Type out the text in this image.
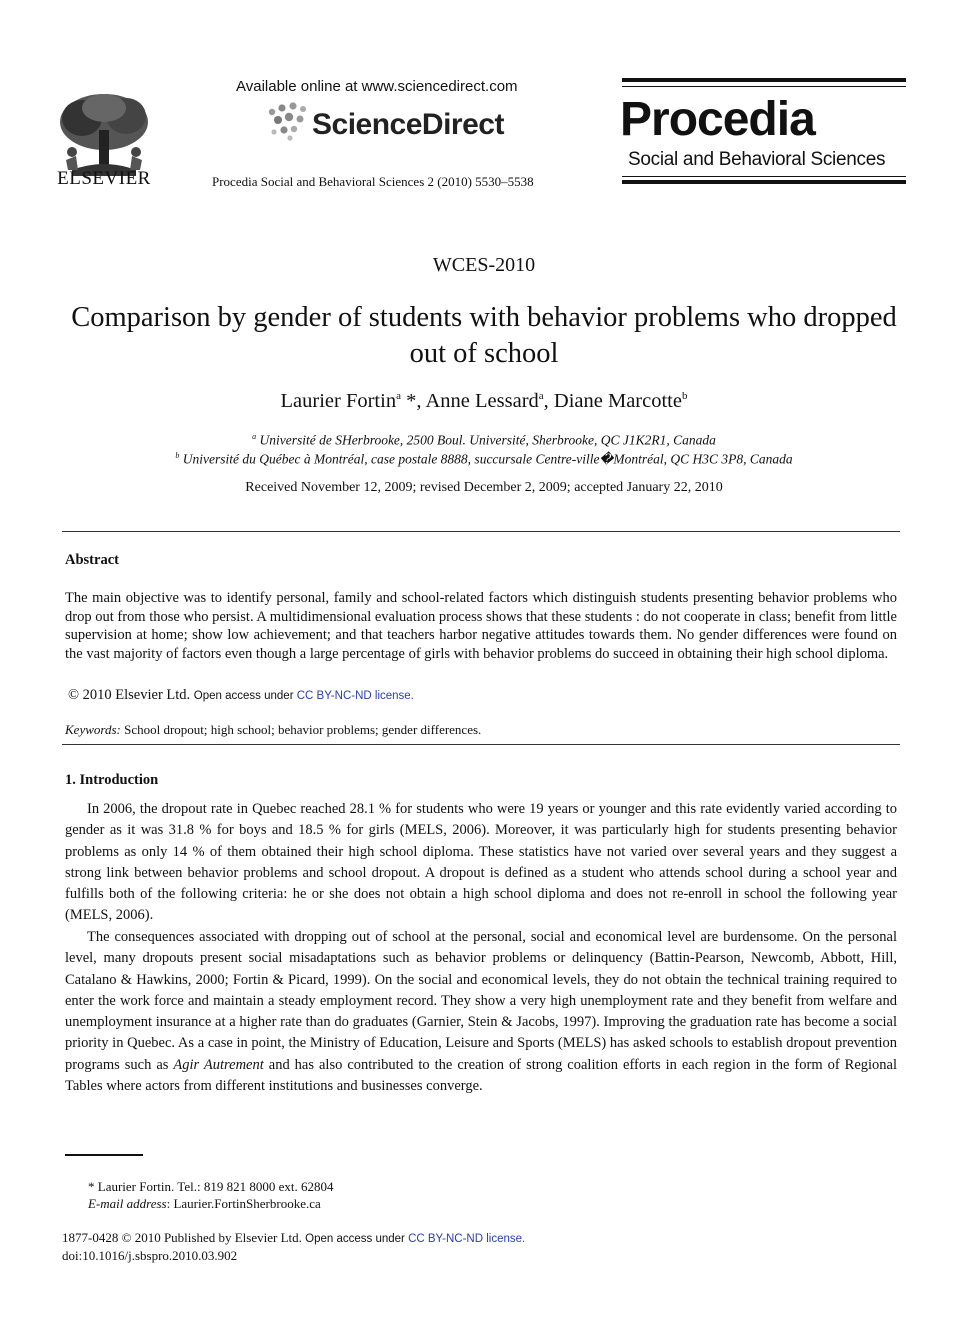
ELSEVIER
Available online at www.sciencedirect.com
ScienceDirect
Procedia Social and Behavioral Sciences 2 (2010) 5530–5538
Procedia
Social and Behavioral Sciences
WCES-2010
Comparison by gender of students with behavior problems who dropped out of school
Laurier Fortin$^a$ *, Anne Lessard$^a$, Diane Marcotte$^b$
$^a$ Université de SHerbrooke, 2500 Boul. Université, Sherbrooke, QC J1K2R1, Canada
$^b$ Université du Québec à Montréal, case postale 8888, succursale Centre-ville�Montréal, QC H3C 3P8, Canada
Received November 12, 2009; revised December 2, 2009; accepted January 22, 2010
Abstract
The main objective was to identify personal, family and school-related factors which distinguish students presenting behavior problems who drop out from those who persist. A multidimensional evaluation process shows that these students : do not cooperate in class; benefit from little supervision at home; show low achievement; and that teachers harbor negative attitudes towards them. No gender differences were found on the vast majority of factors even though a large percentage of girls with behavior problems do succeed in obtaining their high school diploma.
© 2010 Elsevier Ltd. Open access under CC BY-NC-ND license.
Keywords: School dropout; high school; behavior problems; gender differences.
1. Introduction
In 2006, the dropout rate in Quebec reached 28.1 % for students who were 19 years or younger and this rate evidently varied according to gender as it was 31.8 % for boys and 18.5 % for girls (MELS, 2006). Moreover, it was particularly high for students presenting behavior problems as only 14 % of them obtained their high school diploma. These statistics have not varied over several years and they suggest a strong link between behavior problems and school dropout. A dropout is defined as a student who attends school during a school year and fulfills both of the following criteria: he or she does not obtain a high school diploma and does not re-enroll in school the following year (MELS, 2006).
The consequences associated with dropping out of school at the personal, social and economical level are burdensome. On the personal level, many dropouts present social misadaptations such as behavior problems or delinquency (Battin-Pearson, Newcomb, Abbott, Hill, Catalano & Hawkins, 2000; Fortin & Picard, 1999). On the social and economical levels, they do not obtain the technical training required to enter the work force and maintain a steady employment record. They show a very high unemployment rate and they benefit from welfare and unemployment insurance at a higher rate than do graduates (Garnier, Stein & Jacobs, 1997). Improving the graduation rate has become a social priority in Quebec. As a case in point, the Ministry of Education, Leisure and Sports (MELS) has asked schools to establish dropout prevention programs such as Agir Autrement and has also contributed to the creation of strong coalition efforts in each region in the form of Regional Tables where actors from different institutions and businesses converge.
* Laurier Fortin. Tel.: 819 821 8000 ext. 62804
E-mail address: Laurier.FortinSherbrooke.ca
1877-0428 © 2010 Published by Elsevier Ltd. Open access under CC BY-NC-ND license.
doi:10.1016/j.sbspro.2010.03.902
